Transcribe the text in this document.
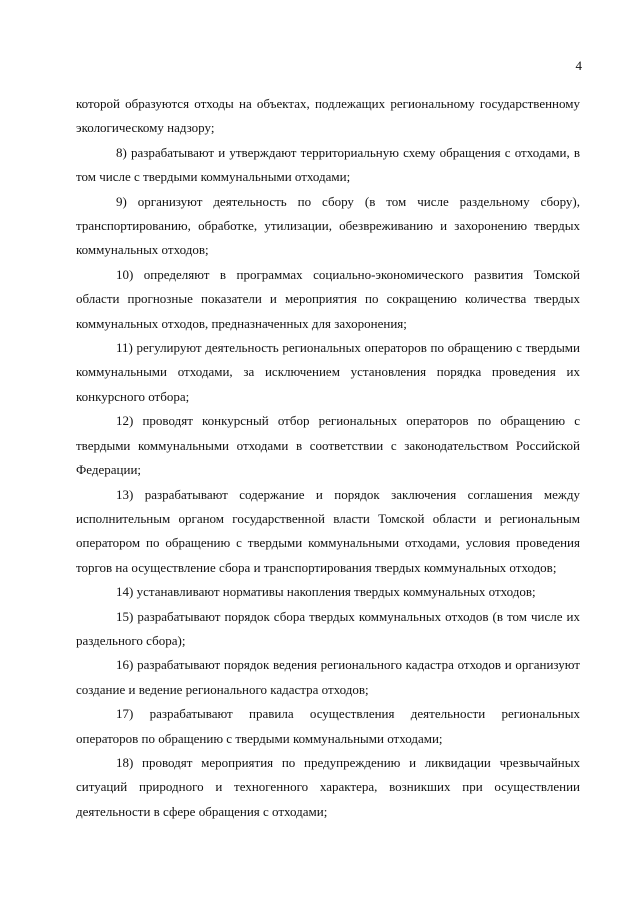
4

которой образуются отходы на объектах, подлежащих региональному государственному экологическому надзору;

8) разрабатывают и утверждают территориальную схему обращения с отходами, в том числе с твердыми коммунальными отходами;

9) организуют деятельность по сбору (в том числе раздельному сбору), транспортированию, обработке, утилизации, обезвреживанию и захоронению твердых коммунальных отходов;

10) определяют в программах социально-экономического развития Томской области прогнозные показатели и мероприятия по сокращению количества твердых коммунальных отходов, предназначенных для захоронения;

11) регулируют деятельность региональных операторов по обращению с твердыми коммунальными отходами, за исключением установления порядка проведения их конкурсного отбора;

12) проводят конкурсный отбор региональных операторов по обращению с твердыми коммунальными отходами в соответствии с законодательством Российской Федерации;

13) разрабатывают содержание и порядок заключения соглашения между исполнительным органом государственной власти Томской области и региональным оператором по обращению с твердыми коммунальными отходами, условия проведения торгов на осуществление сбора и транспортирования твердых коммунальных отходов;

14) устанавливают нормативы накопления твердых коммунальных отходов;

15) разрабатывают порядок сбора твердых коммунальных отходов (в том числе их раздельного сбора);

16) разрабатывают порядок ведения регионального кадастра отходов и организуют создание и ведение регионального кадастра отходов;

17) разрабатывают правила осуществления деятельности региональных операторов по обращению с твердыми коммунальными отходами;

18) проводят мероприятия по предупреждению и ликвидации чрезвычайных ситуаций природного и техногенного характера, возникших при осуществлении деятельности в сфере обращения с отходами;
